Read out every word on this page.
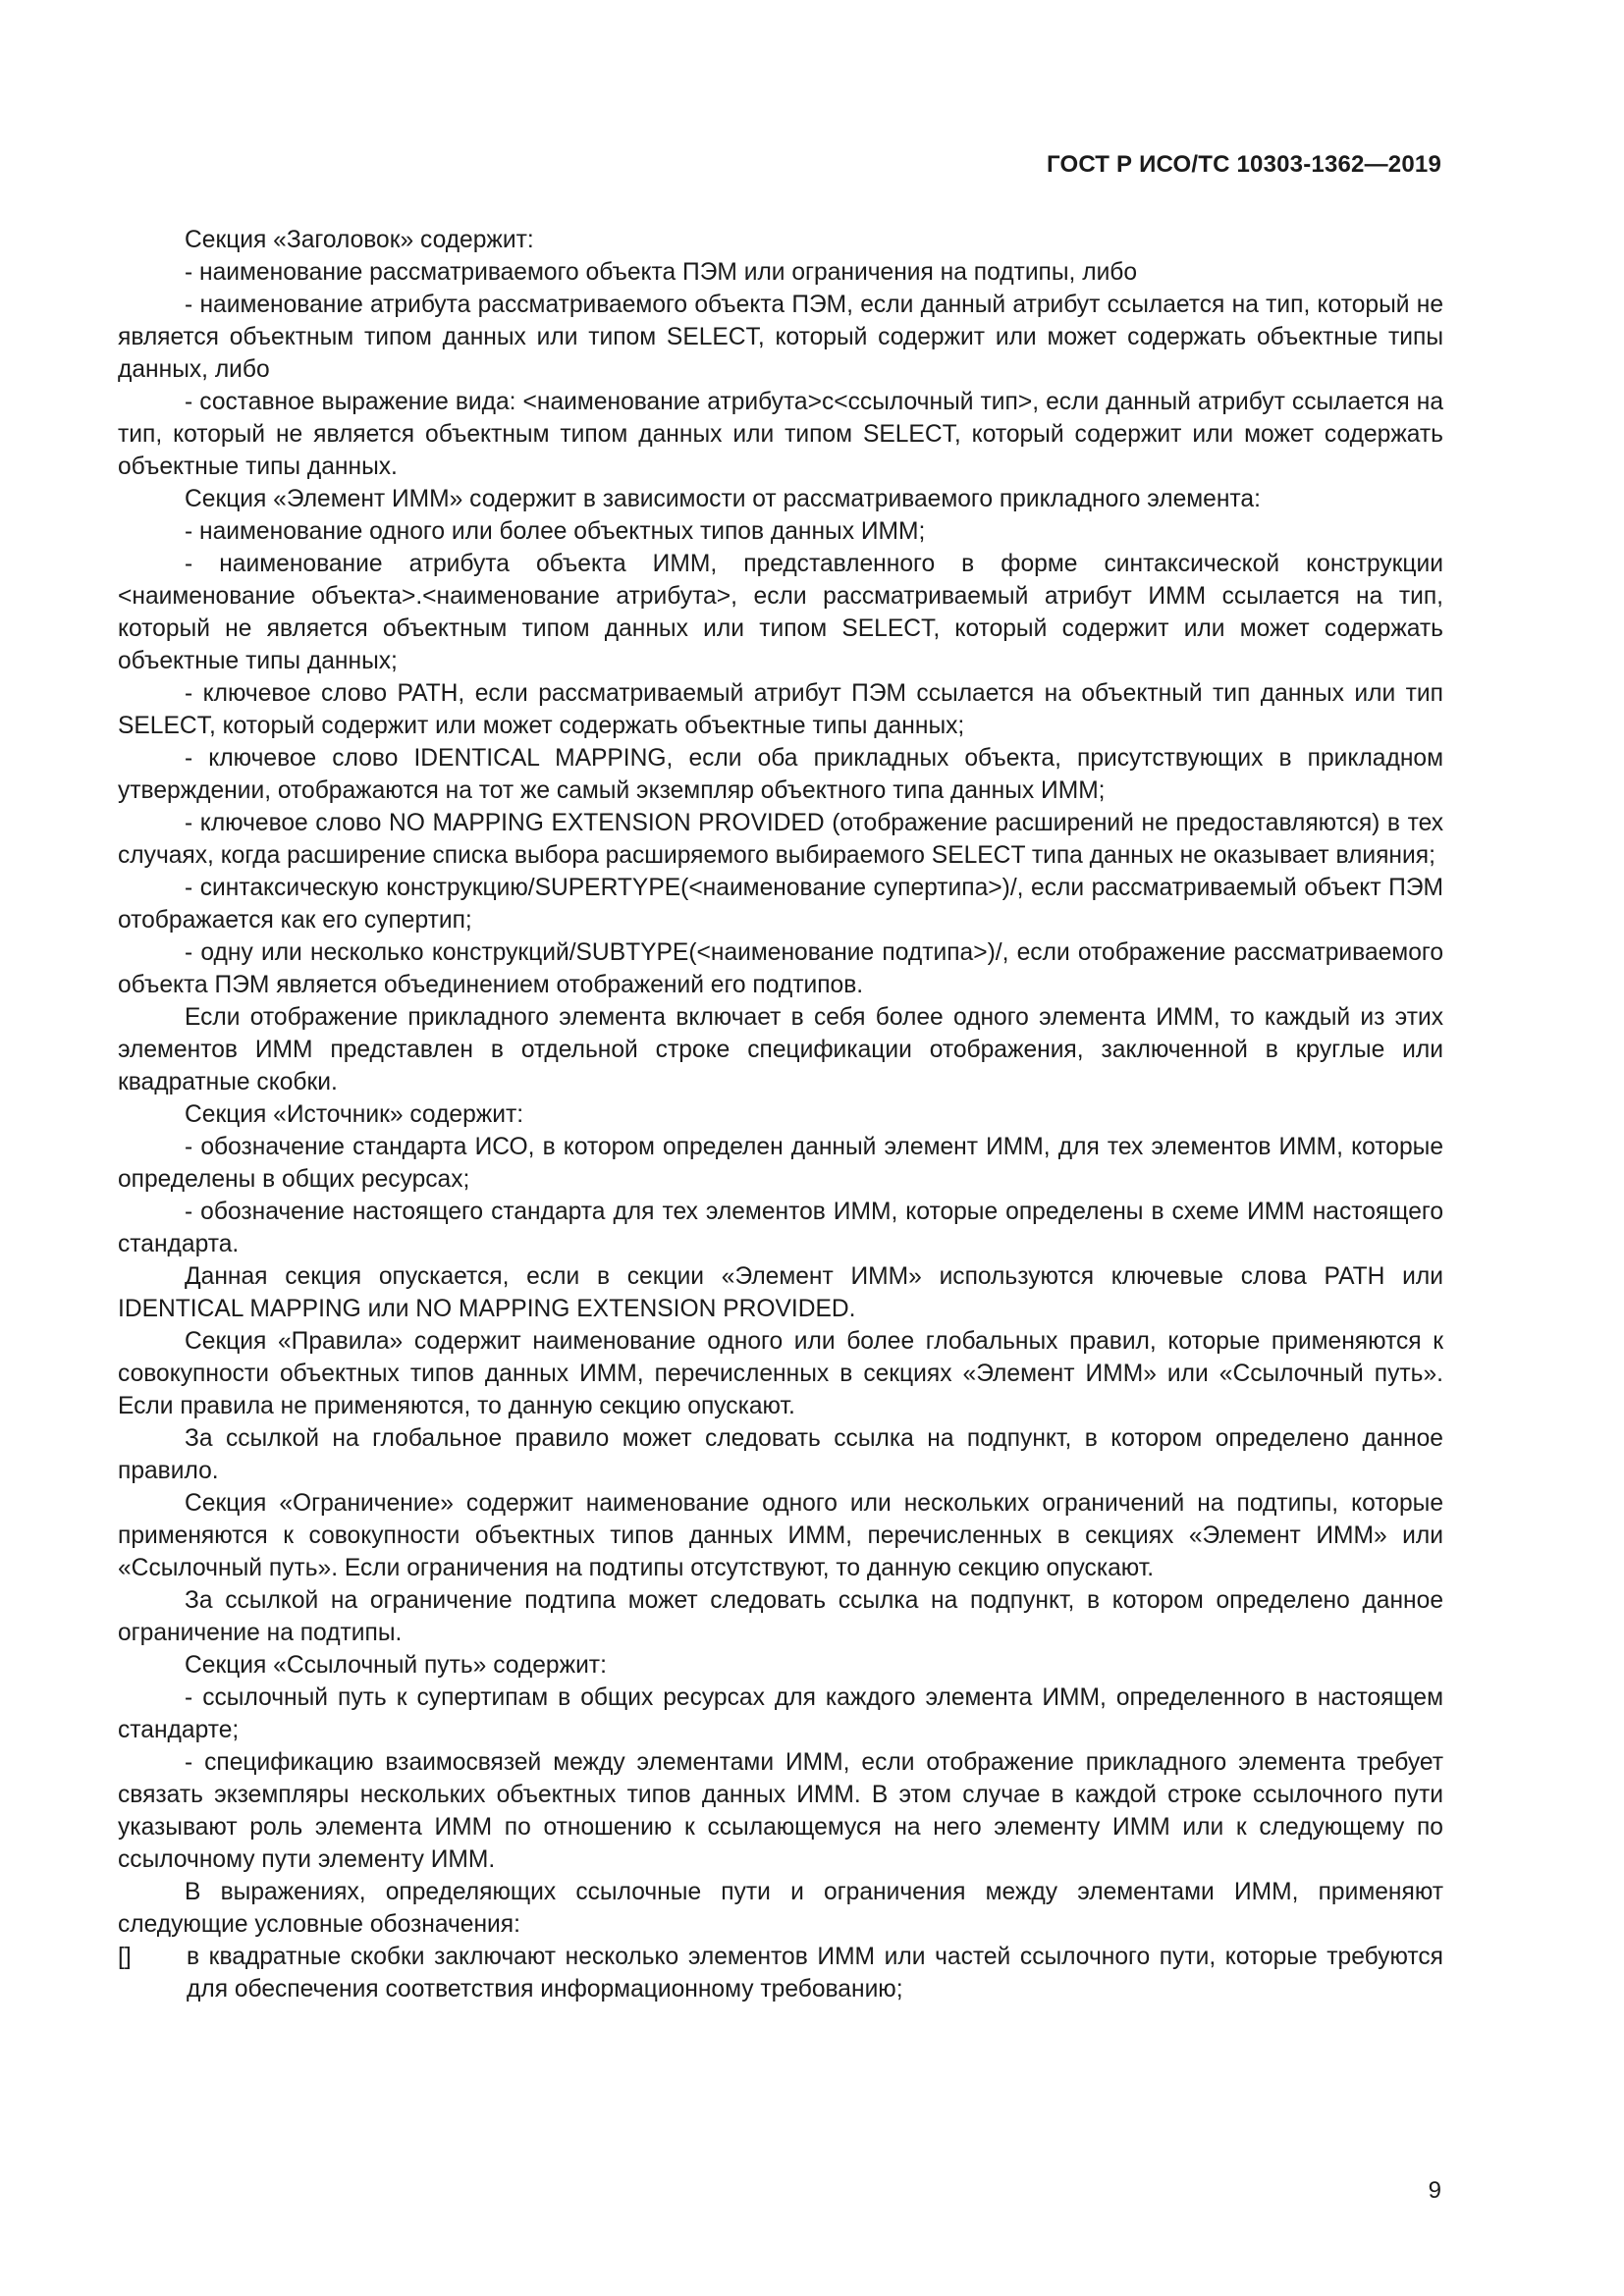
ГОСТ Р ИСО/ТС 10303-1362—2019

Секция «Заголовок» содержит:

- наименование рассматриваемого объекта ПЭМ или ограничения на подтипы, либо

- наименование атрибута рассматриваемого объекта ПЭМ, если данный атрибут ссылается на тип, который не является объектным типом данных или типом SELECT, который содержит или может содержать объектные типы данных, либо

- составное выражение вида: <наименование атрибута>с<ссылочный тип>, если данный атрибут ссылается на тип, который не является объектным типом данных или типом SELECT, который содержит или может содержать объектные типы данных.

Секция «Элемент ИММ» содержит в зависимости от рассматриваемого прикладного элемента:

- наименование одного или более объектных типов данных ИММ;

- наименование атрибута объекта ИММ, представленного в форме синтаксической конструкции <наименование объекта>.<наименование атрибута>, если рассматриваемый атрибут ИММ ссылается на тип, который не является объектным типом данных или типом SELECT, который содержит или может содержать объектные типы данных;

- ключевое слово PATH, если рассматриваемый атрибут ПЭМ ссылается на объектный тип данных или тип SELECT, который содержит или может содержать объектные типы данных;

- ключевое слово IDENTICAL MAPPING, если оба прикладных объекта, присутствующих в прикладном утверждении, отображаются на тот же самый экземпляр объектного типа данных ИММ;

- ключевое слово NO MAPPING EXTENSION PROVIDED (отображение расширений не предоставляются) в тех случаях, когда расширение списка выбора расширяемого выбираемого SELECT типа данных не оказывает влияния;

- синтаксическую конструкцию/SUPERTYPE(<наименование супертипа>)/, если рассматриваемый объект ПЭМ отображается как его супертип;

- одну или несколько конструкций/SUBTYPE(<наименование подтипа>)/, если отображение рассматриваемого объекта ПЭМ является объединением отображений его подтипов.

Если отображение прикладного элемента включает в себя более одного элемента ИММ, то каждый из этих элементов ИММ представлен в отдельной строке спецификации отображения, заключенной в круглые или квадратные скобки.

Секция «Источник» содержит:

- обозначение стандарта ИСО, в котором определен данный элемент ИММ, для тех элементов ИММ, которые определены в общих ресурсах;

- обозначение настоящего стандарта для тех элементов ИММ, которые определены в схеме ИММ настоящего стандарта.

Данная секция опускается, если в секции «Элемент ИММ» используются ключевые слова PATH или IDENTICAL MAPPING или NO MAPPING EXTENSION PROVIDED.

Секция «Правила» содержит наименование одного или более глобальных правил, которые применяются к совокупности объектных типов данных ИММ, перечисленных в секциях «Элемент ИММ» или «Ссылочный путь». Если правила не применяются, то данную секцию опускают.

За ссылкой на глобальное правило может следовать ссылка на подпункт, в котором определено данное правило.

Секция «Ограничение» содержит наименование одного или нескольких ограничений на подтипы, которые применяются к совокупности объектных типов данных ИММ, перечисленных в секциях «Элемент ИММ» или «Ссылочный путь». Если ограничения на подтипы отсутствуют, то данную секцию опускают.

За ссылкой на ограничение подтипа может следовать ссылка на подпункт, в котором определено данное ограничение на подтипы.

Секция «Ссылочный путь» содержит:

- ссылочный путь к супертипам в общих ресурсах для каждого элемента ИММ, определенного в настоящем стандарте;

- спецификацию взаимосвязей между элементами ИММ, если отображение прикладного элемента требует связать экземпляры нескольких объектных типов данных ИММ. В этом случае в каждой строке ссылочного пути указывают роль элемента ИММ по отношению к ссылающемуся на него элементу ИММ или к следующему по ссылочному пути элементу ИММ.

В выражениях, определяющих ссылочные пути и ограничения между элементами ИММ, применяют следующие условные обозначения:

[]	в квадратные скобки заключают несколько элементов ИММ или частей ссылочного пути, которые требуются для обеспечения соответствия информационному требованию;
9
